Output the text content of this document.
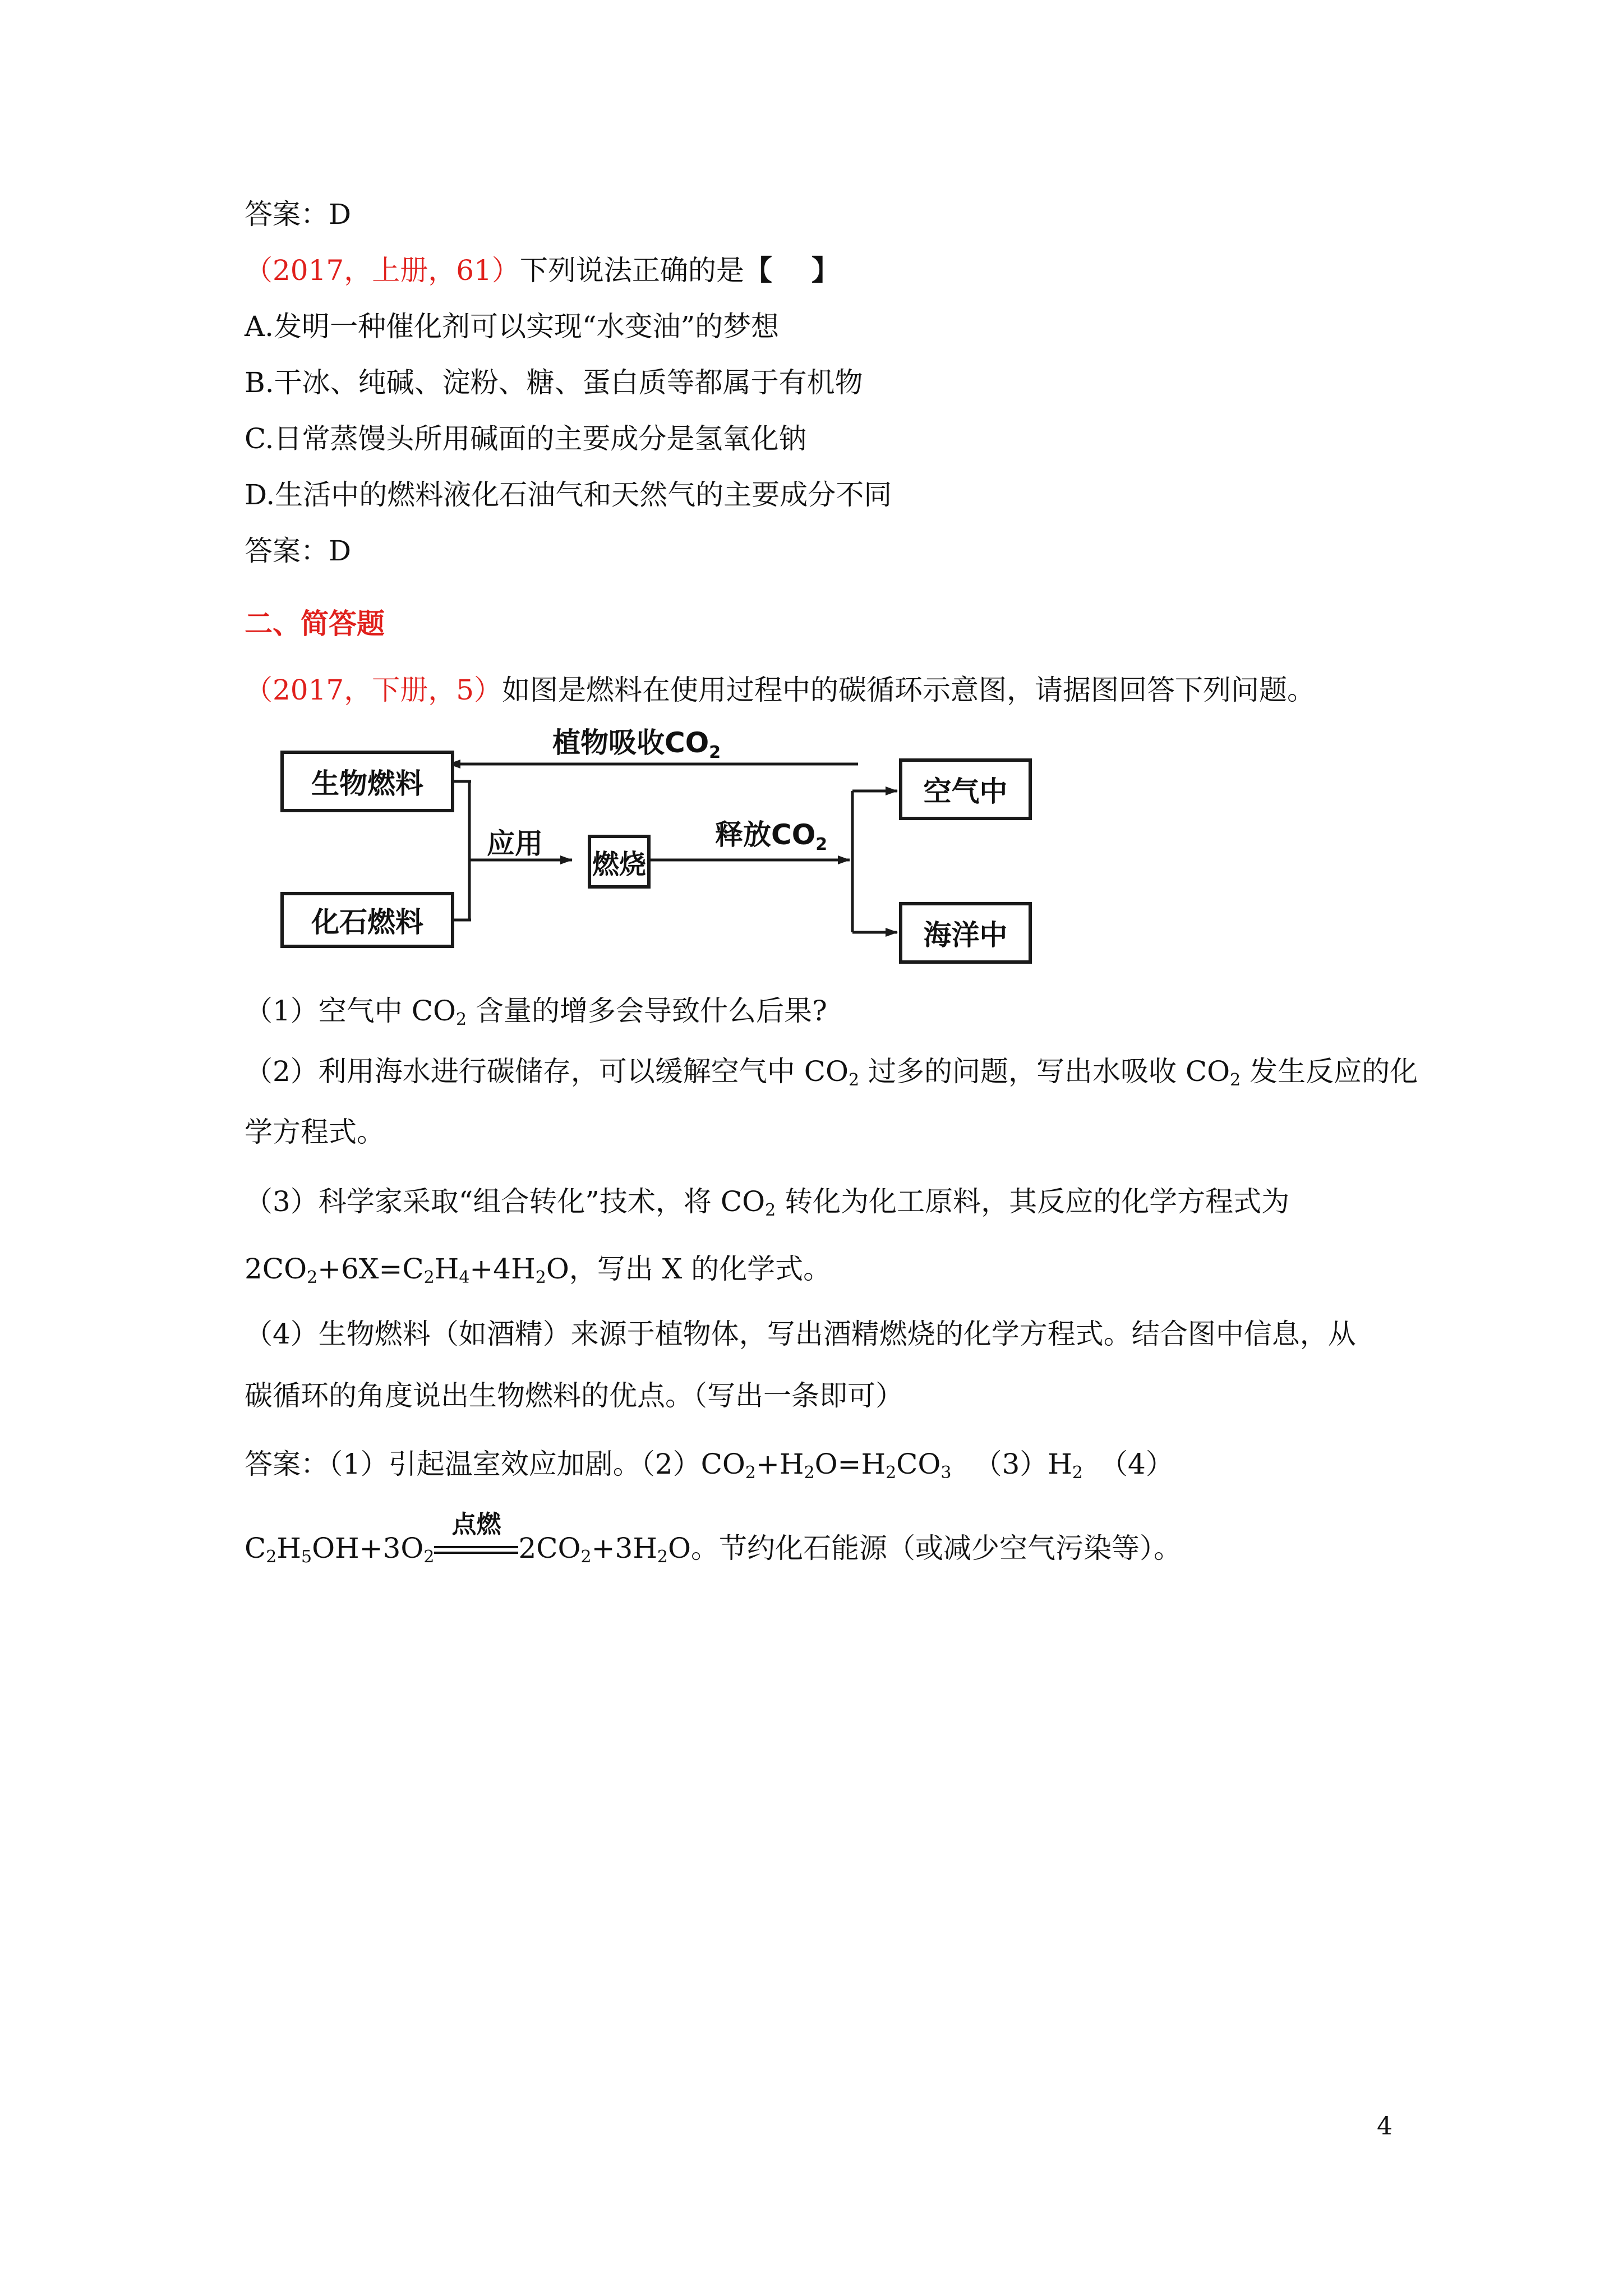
答案：D
（2017，上册，61）下列说法正确的是【 】
A.发明一种催化剂可以实现“水变油”的梦想
B.干冰、纯碱、淀粉、糖、蛋白质等都属于有机物
C.日常蒸馒头所用碱面的主要成分是氢氧化钠
D.生活中的燃料液化石油气和天然气的主要成分不同
答案：D
二、简答题
（2017，下册，5）如图是燃料在使用过程中的碳循环示意图，请据图回答下列问题。
生物燃料
化石燃料
燃烧
空气中
海洋中
植物吸收$CO_2$
应用	释放$CO_2$
（1）空气中 $CO_2$ 含量的增多会导致什么后果?
（2）利用海水进行碳储存，可以缓解空气中 $CO_2$ 过多的问题，写出水吸收 $CO_2$ 发生反应的化
学方程式。
（3）科学家采取“组合转化”技术，将 $CO_2$ 转化为化工原料，其反应的化学方程式为
$2CO_2+6X=C_2H_4+4H_2O$，写出 X 的化学式。
（4）生物燃料（如酒精）来源于植物体，写出酒精燃烧的化学方程式。结合图中信息，从
碳循环的角度说出生物燃料的优点。（写出一条即可）
答案：（1）引起温室效应加剧。$(2)CO_2+H_2O=H_2CO_3$ $(3)H_2$ （4）
$C_2H_5OH+3O_2$
点燃
$2CO_2+3H_2O$。节约化石能源（或减少空气污染等）。
4
